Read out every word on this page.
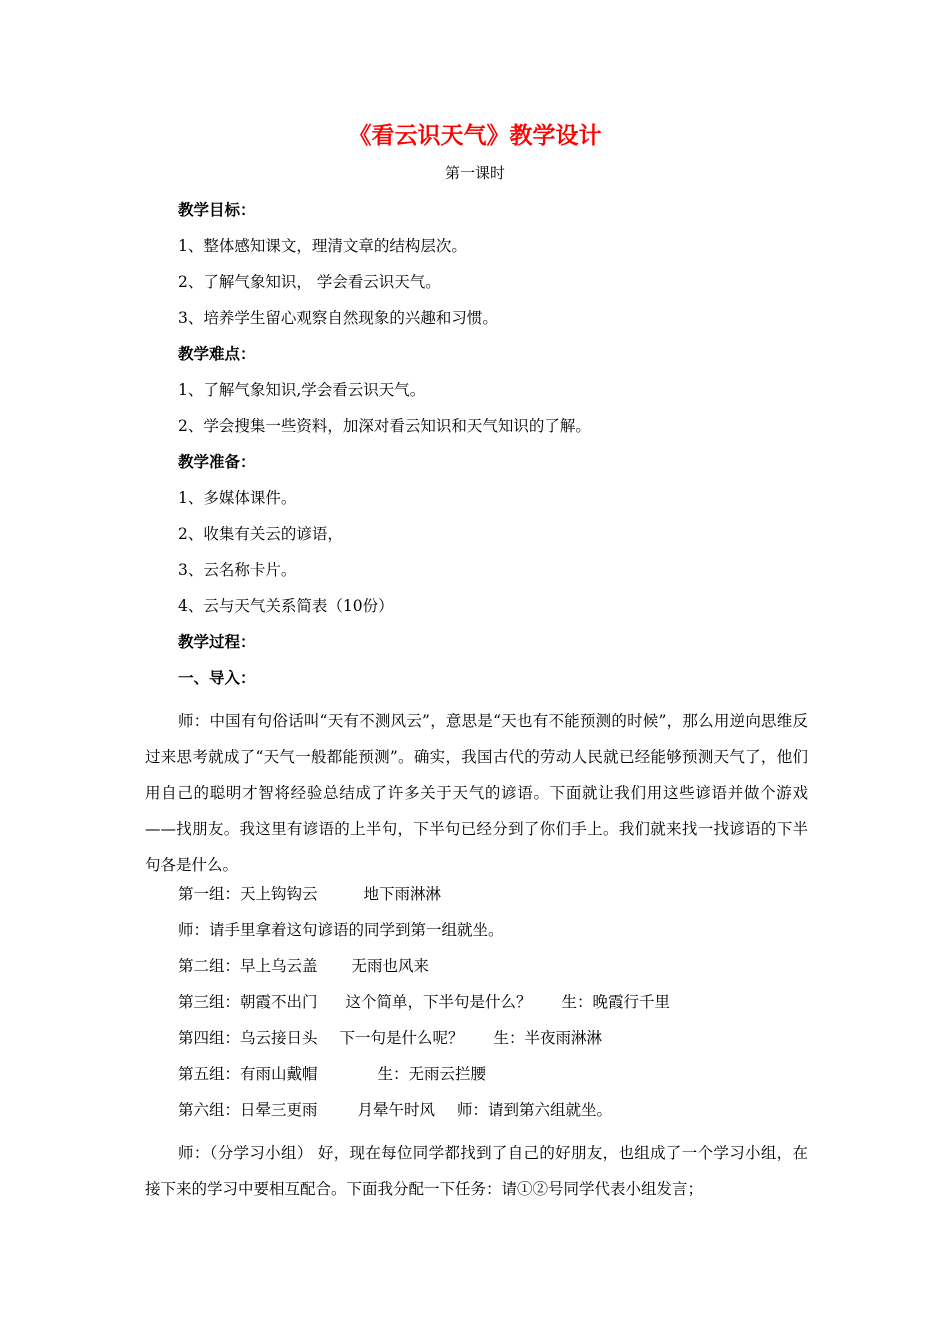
《看云识天气》教学设计
第一课时
教学目标：
1、整体感知课文，理清文章的结构层次。
2、了解气象知识， 学会看云识天气。
3、培养学生留心观察自然现象的兴趣和习惯。
教学难点：
1、了解气象知识,学会看云识天气。
2、学会搜集一些资料，加深对看云知识和天气知识的了解。
教学准备：
1、多媒体课件。
2、收集有关云的谚语，
3、云名称卡片。
4、云与天气关系简表（10份）
教学过程：
一、导入：

师：中国有句俗话叫“天有不测风云”，意思是“天也有不能预测的时候”，那么用逆向思维反过来思考就成了“天气一般都能预测”。确实，我国古代的劳动人民就已经能够预测天气了，他们用自己的聪明才智将经验总结成了许多关于天气的谚语。下面就让我们用这些谚语并做个游戏——找朋友。我这里有谚语的上半句，下半句已经分到了你们手上。我们就来找一找谚语的下半句各是什么。

第一组：天上钩钩云	地下雨淋淋
师：请手里拿着这句谚语的同学到第一组就坐。
第二组：早上乌云盖 无雨也风来
第三组：朝霞不出门 这个简单，下半句是什么？ 生：晚霞行千里
第四组：乌云接日头 下一句是什么呢？ 生：半夜雨淋淋
第五组：有雨山戴帽	生：无雨云拦腰
第六组：日晕三更雨	月晕午时风 师：请到第六组就坐。

师：（分学习小组） 好，现在每位同学都找到了自己的好朋友，也组成了一个学习小组，在接下来的学习中要相互配合。下面我分配一下任务：请①②号同学代表小组发言；
